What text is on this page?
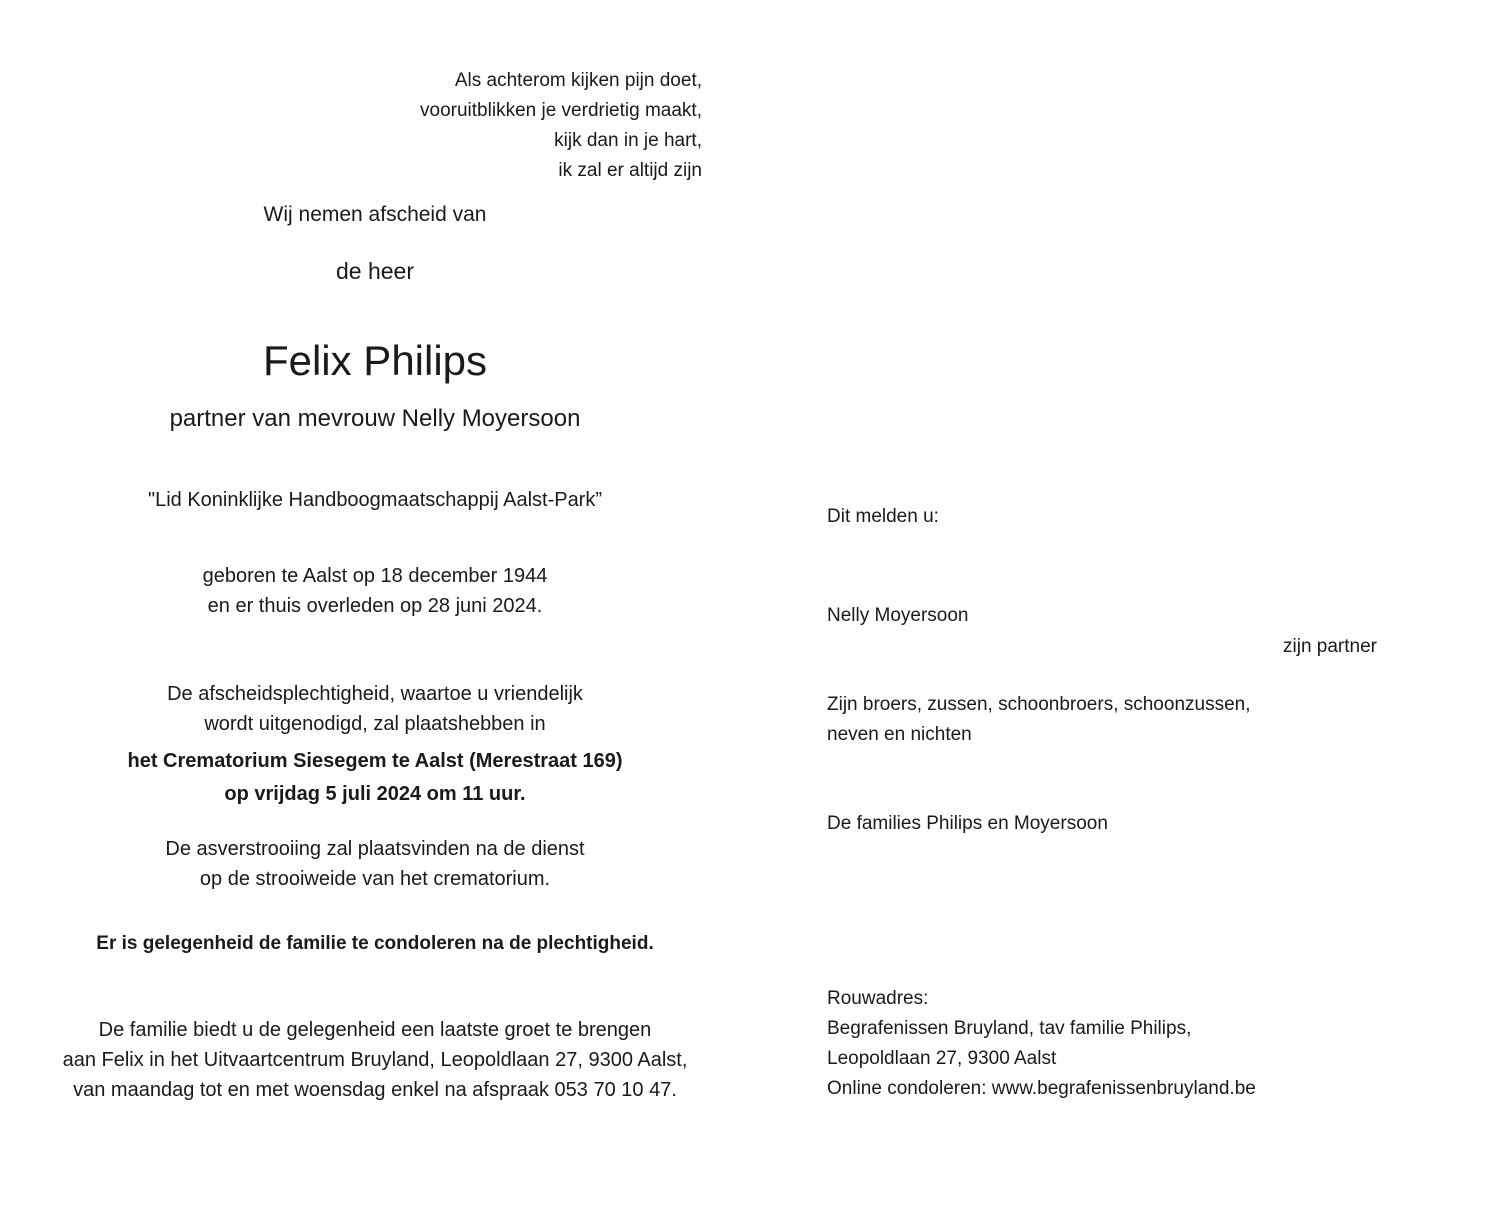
Als achterom kijken pijn doet,
vooruitblikken je verdrietig maakt,
kijk dan in je hart,
ik zal er altijd zijn
Wij nemen afscheid van
de heer
Felix Philips
partner van mevrouw Nelly Moyersoon
"Lid Koninklijke Handboogmaatschappij Aalst-Park”
geboren te Aalst op 18 december 1944
en er thuis overleden op 28 juni 2024.
De afscheidsplechtigheid, waartoe u vriendelijk
wordt uitgenodigd, zal plaatshebben in
het Crematorium Siesegem te Aalst (Merestraat 169)
op vrijdag 5 juli 2024 om 11 uur.
De asverstrooiing zal plaatsvinden na de dienst
op de strooiweide van het crematorium.
Er is gelegenheid de familie te condoleren na de plechtigheid.
De familie biedt u de gelegenheid een laatste groet te brengen
aan Felix in het Uitvaartcentrum Bruyland, Leopoldlaan 27, 9300 Aalst,
van maandag tot en met woensdag enkel na afspraak 053 70 10 47.
Dit melden u:
Nelly Moyersoon
zijn partner
Zijn broers, zussen, schoonbroers, schoonzussen,
neven en nichten
De families Philips en Moyersoon
Rouwadres:
Begrafenissen Bruyland, tav familie Philips,
Leopoldlaan 27, 9300 Aalst
Online condoleren: www.begrafenissenbruyland.be
